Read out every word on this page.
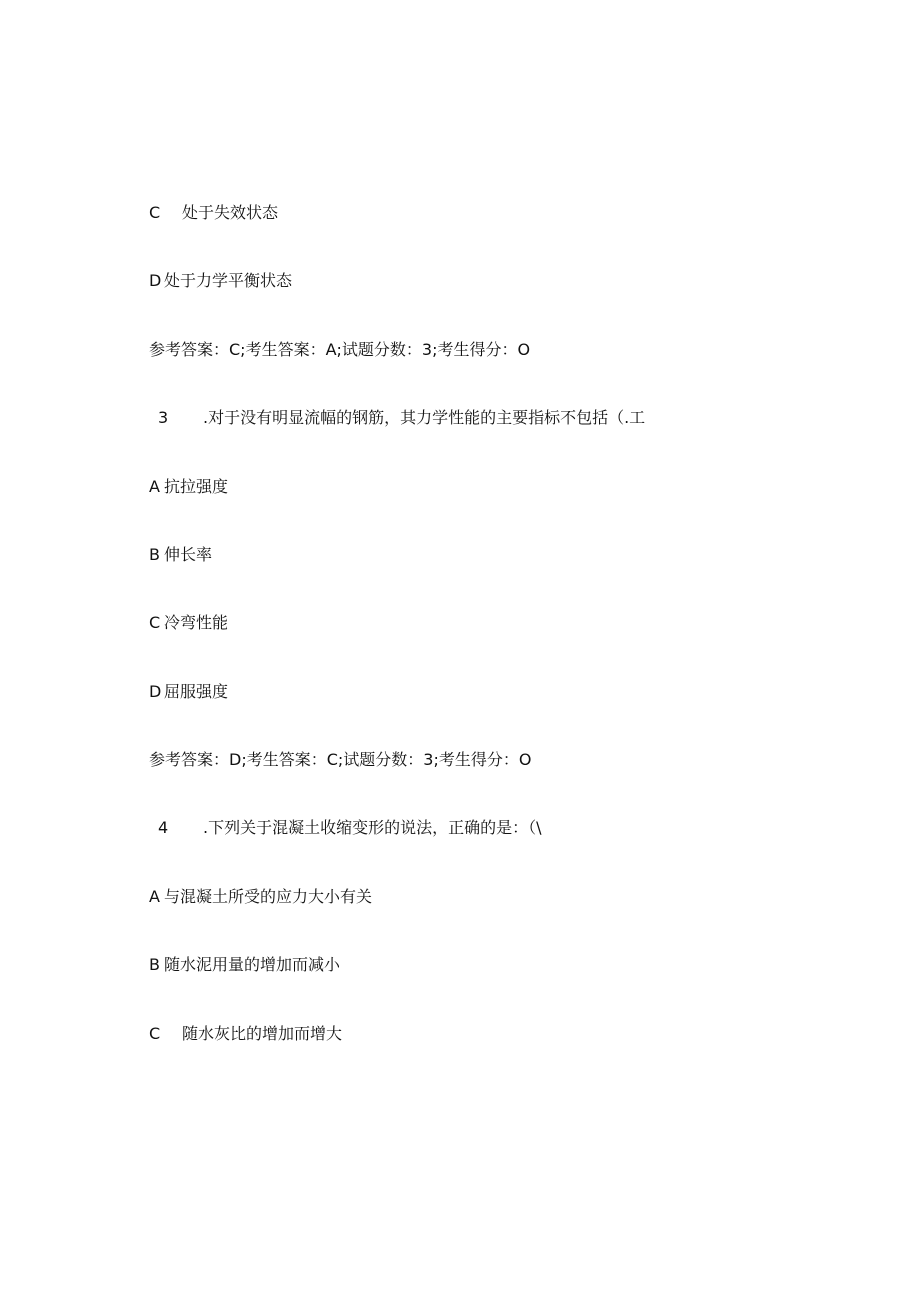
C 处于失效状态
D 处于力学平衡状态
参考答案：C;考生答案：A;试题分数：3;考生得分：O
3 .对于没有明显流幅的钢筋，其力学性能的主要指标不包括（.工
A 抗拉强度
B 伸长率
C 冷弯性能
D 屈服强度
参考答案：D;考生答案：C;试题分数：3;考生得分：O
4 .下列关于混凝土收缩变形的说法，正确的是：（\
A 与混凝土所受的应力大小有关
B 随水泥用量的增加而减小
C 随水灰比的增加而增大
